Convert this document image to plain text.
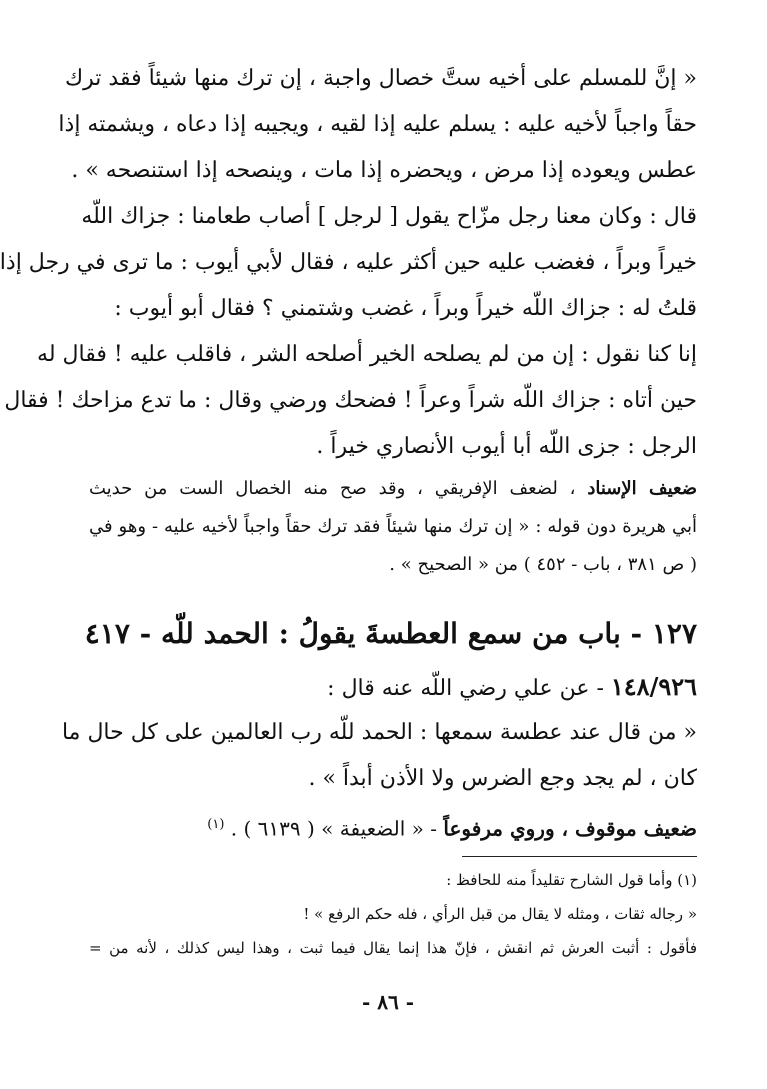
« إنَّ للمسلم على أخيه ستَّ خصال واجبة ، إن ترك منها شيئاً فقد ترك
حقاً واجباً لأخيه عليه : يسلم عليه إذا لقيه ، ويجيبه إذا دعاه ، ويشمته إذا
عطس ويعوده إذا مرض ، ويحضره إذا مات ، وينصحه إذا استنصحه » .
قال : وكان معنا رجل مزّاح يقول [ لرجل ] أصاب طعامنا : جزاك اللّه
خيراً وبراً ، فغضب عليه حين أكثر عليه ، فقال لأبي أيوب : ما ترى في رجل إذا
قلتُ له : جزاك اللّه خيراً وبراً ، غضب وشتمني ؟ فقال أبو أيوب :
إنا كنا نقول : إن من لم يصلحه الخير أصلحه الشر ، فاقلب عليه ! فقال له
حين أتاه : جزاك اللّه شراً وعراً ! فضحك ورضي وقال : ما تدع مزاحك ! فقال
الرجل : جزى اللّه أبا أيوب الأنصاري خيراً .
ضعيف الإسناد ، لضعف الإفريقي ، وقد صح منه الخصال الست من حديث
أبي هريرة دون قوله : « إن ترك منها شيئاً فقد ترك حقاً واجباً لأخيه عليه - وهو في
( ص ٣٨١ ، باب - ٤٥٢ ) من « الصحيح » .
١٢٧ - باب من سمع العطسةَ يقولُ : الحمد للّه - ٤١٧
١٤٨/٩٢٦ - عن علي رضي اللّه عنه قال :
« من قال عند عطسة سمعها : الحمد للّه رب العالمين على كل حال ما
كان ، لم يجد وجع الضرس ولا الأذن أبداً » .
ضعيف موقوف ، وروي مرفوعاً - « الضعيفة » ( ٦١٣٩ ) . $^{(١)}$
(١) وأما قول الشارح تقليداً منه للحافظ :
« رجاله ثقات ، ومثله لا يقال من قبل الرأي ، فله حكم الرفع » !
فأقول : أثبت العرش ثم انقش ، فإنّ هذا إنما يقال فيما ثبت ، وهذا ليس كذلك ، لأنه من =
- ٨٦ -
